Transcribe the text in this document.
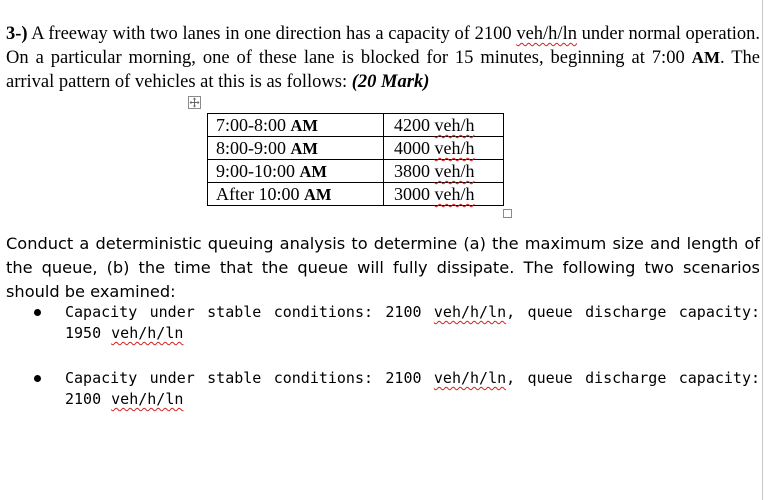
3-) A freeway with two lanes in one direction has a capacity of 2100 veh/h/ln under normal operation. On a particular morning, one of these lane is blocked for 15 minutes, beginning at 7:00 AM. The arrival pattern of vehicles at this is as follows: (20 Mark)
7:00-8:00 AM	4200 veh/h
8:00-9:00 AM	4000 veh/h
9:00-10:00 AM	3800 veh/h
After 10:00 AM	3000 veh/h
Conduct a deterministic queuing analysis to determine (a) the maximum size and length of the queue, (b) the time that the queue will fully dissipate. The following two scenarios should be examined:
Capacity under stable conditions: 2100 veh/h/ln, queue discharge capacity: 1950 veh/h/ln
Capacity under stable conditions: 2100 veh/h/ln, queue discharge capacity: 2100 veh/h/ln
